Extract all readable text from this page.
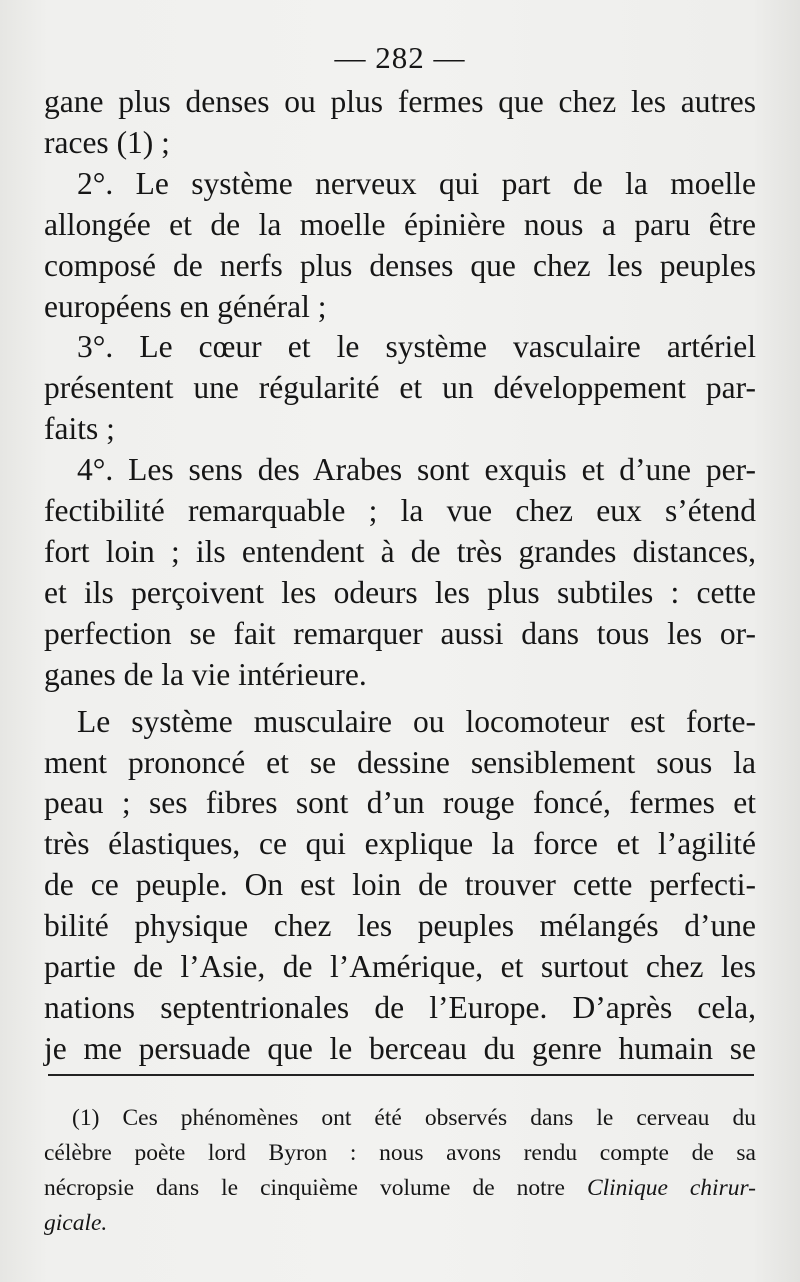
— 282 —
gane plus denses ou plus fermes que chez les autres
races (1) ;
2°. Le système nerveux qui part de la moelle
allongée et de la moelle épinière nous a paru être
composé de nerfs plus denses que chez les peuples
européens en général ;
3°. Le cœur et le système vasculaire artériel
présentent une régularité et un développement par-
faits ;
4°. Les sens des Arabes sont exquis et d’une per-
fectibilité remarquable ; la vue chez eux s’étend
fort loin ; ils entendent à de très grandes distances,
et ils perçoivent les odeurs les plus subtiles : cette
perfection se fait remarquer aussi dans tous les or-
ganes de la vie intérieure.
Le système musculaire ou locomoteur est forte-
ment prononcé et se dessine sensiblement sous la
peau ; ses fibres sont d’un rouge foncé, fermes et
très élastiques, ce qui explique la force et l’agilité
de ce peuple. On est loin de trouver cette perfecti-
bilité physique chez les peuples mélangés d’une
partie de l’Asie, de l’Amérique, et surtout chez les
nations septentrionales de l’Europe. D’après cela,
je me persuade que le berceau du genre humain se
(1) Ces phénomènes ont été observés dans le cerveau du
célèbre poète lord Byron : nous avons rendu compte de sa
nécropsie dans le cinquième volume de notre Clinique chirur-
gicale.
